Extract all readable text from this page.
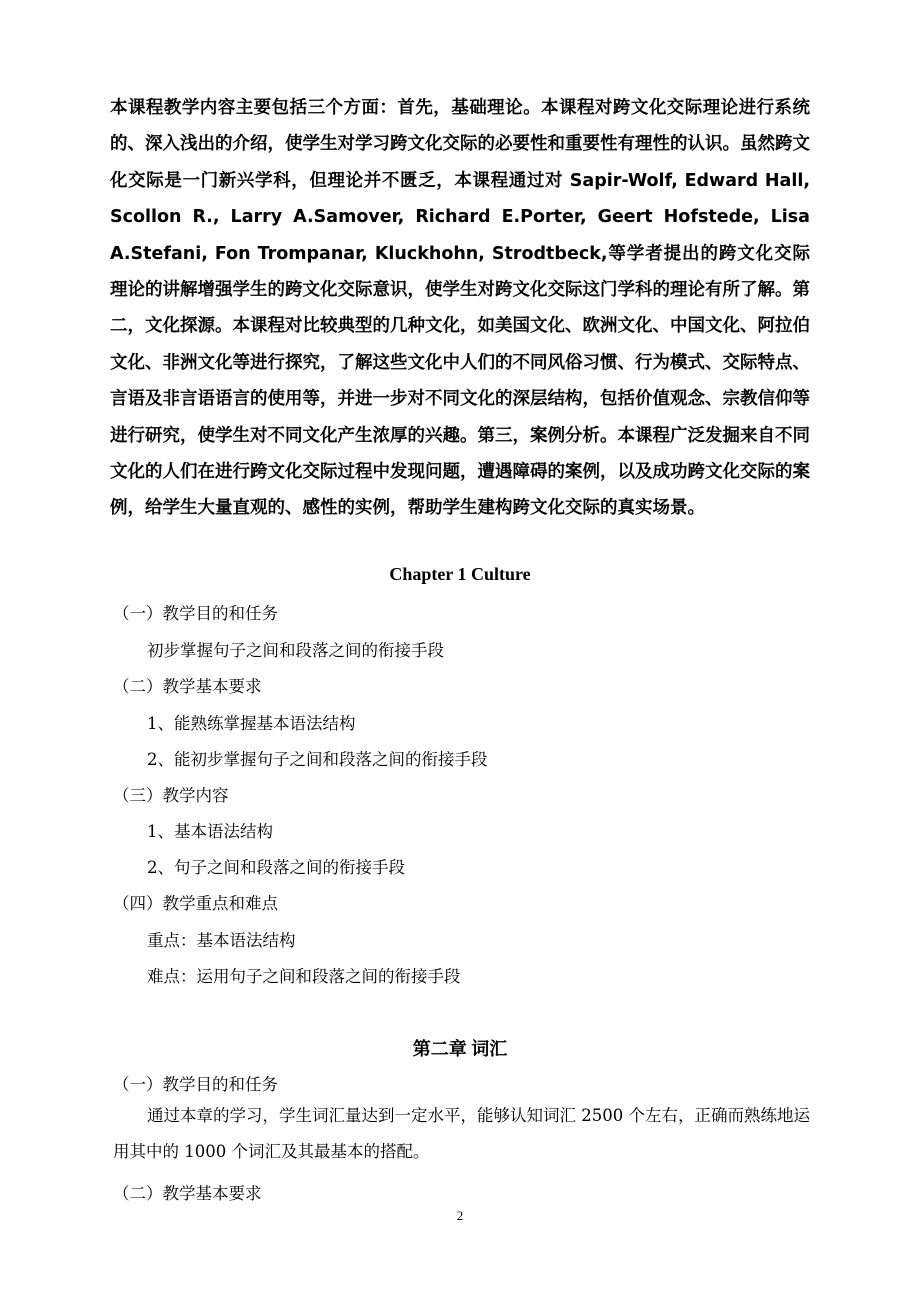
本课程教学内容主要包括三个方面：首先，基础理论。本课程对跨文化交际理论进行系统的、深入浅出的介绍，使学生对学习跨文化交际的必要性和重要性有理性的认识。虽然跨文化交际是一门新兴学科，但理论并不匮乏，本课程通过对 Sapir-Wolf, Edward Hall, Scollon R., Larry A.Samover, Richard E.Porter, Geert Hofstede, Lisa A.Stefani, Fon Trompanar, Kluckhohn, Strodtbeck,等学者提出的跨文化交际理论的讲解增强学生的跨文化交际意识，使学生对跨文化交际这门学科的理论有所了解。第二，文化探源。本课程对比较典型的几种文化，如美国文化、欧洲文化、中国文化、阿拉伯文化、非洲文化等进行探究，了解这些文化中人们的不同风俗习惯、行为模式、交际特点、言语及非言语语言的使用等，并进一步对不同文化的深层结构，包括价值观念、宗教信仰等进行研究，使学生对不同文化产生浓厚的兴趣。第三，案例分析。本课程广泛发掘来自不同文化的人们在进行跨文化交际过程中发现问题，遭遇障碍的案例，以及成功跨文化交际的案例，给学生大量直观的、感性的实例，帮助学生建构跨文化交际的真实场景。

Chapter 1 Culture

（一）教学目的和任务

初步掌握句子之间和段落之间的衔接手段

（二）教学基本要求

1、能熟练掌握基本语法结构

2、能初步掌握句子之间和段落之间的衔接手段

（三）教学内容

1、基本语法结构

2、句子之间和段落之间的衔接手段

（四）教学重点和难点

重点：基本语法结构

难点：运用句子之间和段落之间的衔接手段

第二章 词汇

（一）教学目的和任务

通过本章的学习，学生词汇量达到一定水平，能够认知词汇 2500 个左右，正确而熟练地运用其中的 1000 个词汇及其最基本的搭配。

（二）教学基本要求

2
